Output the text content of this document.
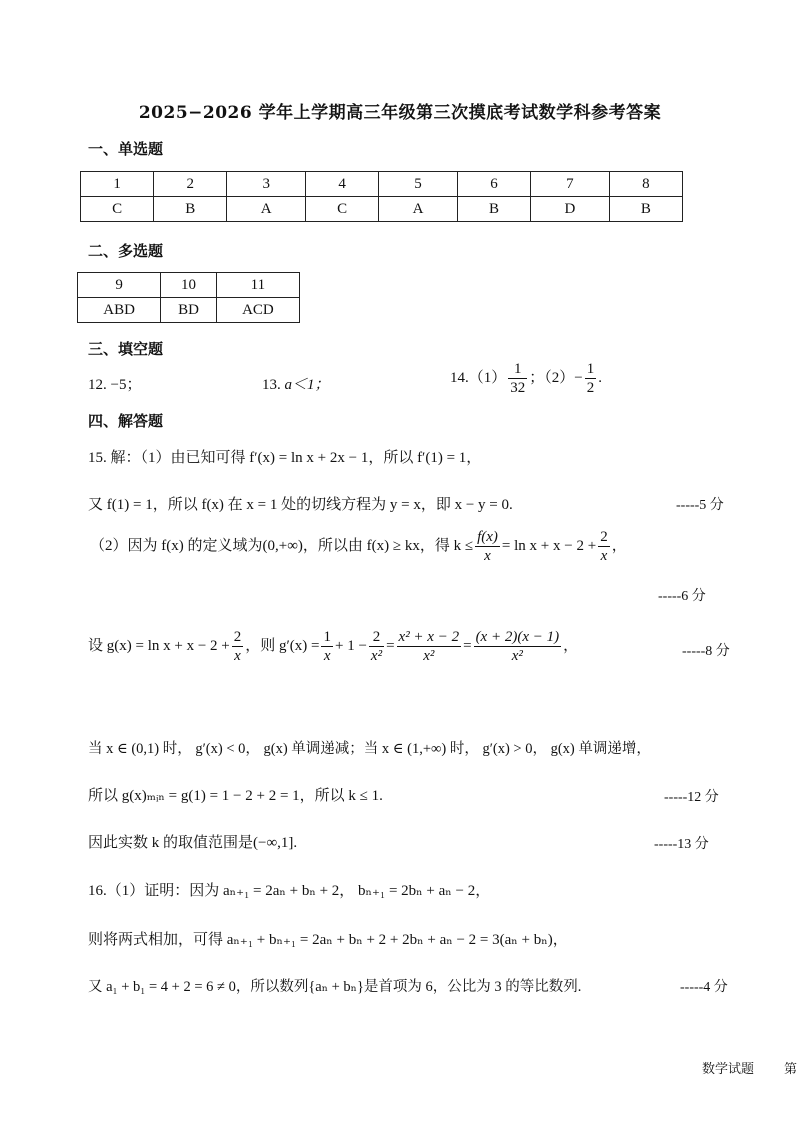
2025−2026 学年上学期高三年级第三次摸底考试数学科参考答案
一、单选题
1	2	3	4	5	6	7	8
C	B	A	C	A	B	D	B
二、多选题
9	10	11
ABD	BD	ACD
三、填空题
12. −5；	13. a＜1；	$14.(1) \frac{1}{32}$ ；$(2)- \frac{1}{2}$ .
四、解答题
15. 解：（1）由已知可得 f′(x) = ln x + 2x − 1，所以 f′(1) = 1，
又 f(1) = 1，所以 f(x) 在 x = 1 处的切线方程为 y = x，即 x − y = 0.	-----5 分
（2）因为 f(x) 的定义域为(0,+∞)，所以由 f(x) ≥ kx，得 $k \le \frac{f(x)}{x} = \ln x + x - 2 + \frac{2}{x}$ ，
-----6 分
设 $g(x) = \ln x + x - 2 + \frac{2}{x}$ ，则 $g'(x) = \frac{1}{x} + 1 - \frac{2}{\text{x²}} = \frac{\text{x² + x − 2}}{\text{x²}} = \frac{(x + 2)(x - 1)}{\text{x²}}$ ，	-----8 分
当 x ∈ (0,1) 时， g′(x) < 0， g(x) 单调递减；当 x ∈ (1,+∞) 时， g′(x) > 0， g(x) 单调递增，
所以 g(x)ₘᵢₙ = g(1) = 1 − 2 + 2 = 1，所以 k ≤ 1.	-----12 分
因此实数 k 的取值范围是(−∞,1].	-----13 分
16.（1）证明：因为 aₙ₊₁ = 2aₙ + bₙ + 2， bₙ₊₁ = 2bₙ + aₙ − 2，
则将两式相加，可得 aₙ₊₁ + bₙ₊₁ = 2aₙ + bₙ + 2 + 2bₙ + aₙ − 2 = 3(aₙ + bₙ)，
又 a₁ + b₁ = 4 + 2 = 6 ≠ 0，所以数列{aₙ + bₙ}是首项为 6，公比为 3 的等比数列.	-----4 分
数学试题 第
